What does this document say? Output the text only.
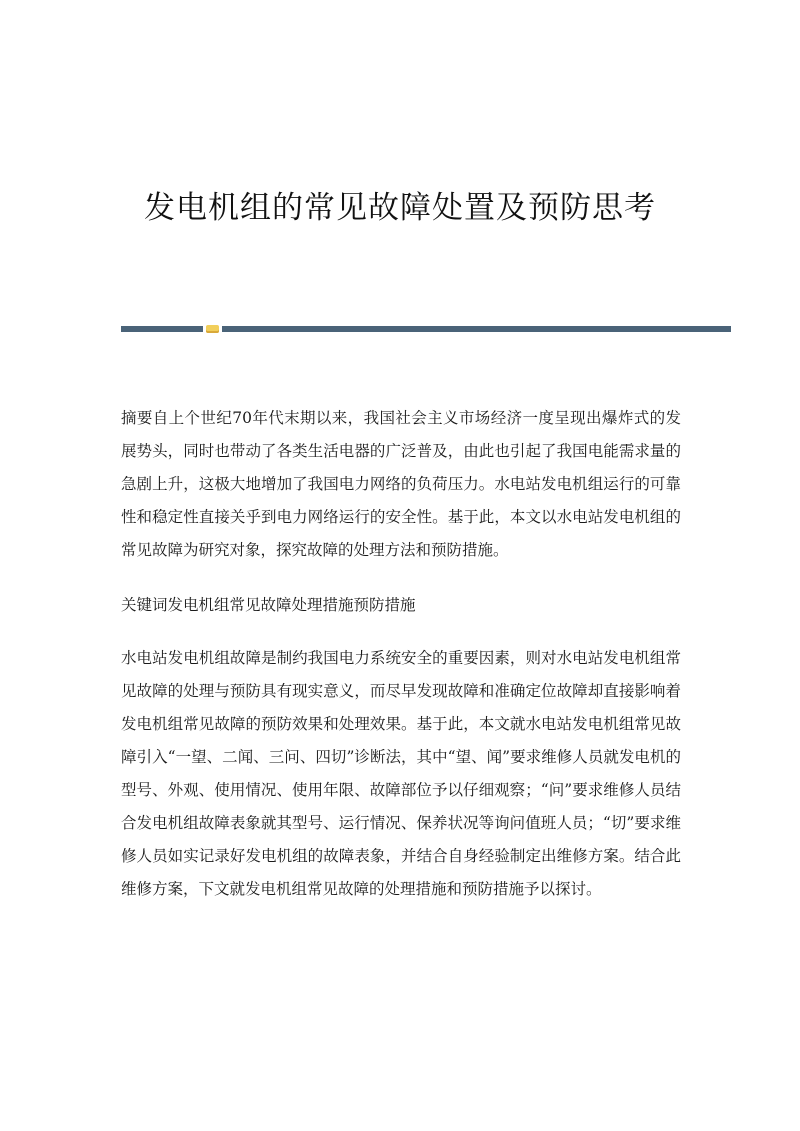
发电机组的常见故障处置及预防思考

摘要自上个世纪70年代末期以来，我国社会主义市场经济一度呈现出爆炸式的发展势头，同时也带动了各类生活电器的广泛普及，由此也引起了我国电能需求量的急剧上升，这极大地增加了我国电力网络的负荷压力。水电站发电机组运行的可靠性和稳定性直接关乎到电力网络运行的安全性。基于此，本文以水电站发电机组的常见故障为研究对象，探究故障的处理方法和预防措施。

关键词发电机组常见故障处理措施预防措施

水电站发电机组故障是制约我国电力系统安全的重要因素，则对水电站发电机组常见故障的处理与预防具有现实意义，而尽早发现故障和准确定位故障却直接影响着发电机组常见故障的预防效果和处理效果。基于此，本文就水电站发电机组常见故障引入“一望、二闻、三问、四切”诊断法，其中“望、闻”要求维修人员就发电机的型号、外观、使用情况、使用年限、故障部位予以仔细观察；“问”要求维修人员结合发电机组故障表象就其型号、运行情况、保养状况等询问值班人员；“切”要求维修人员如实记录好发电机组的故障表象，并结合自身经验制定出维修方案。结合此维修方案，下文就发电机组常见故障的处理措施和预防措施予以探讨。
